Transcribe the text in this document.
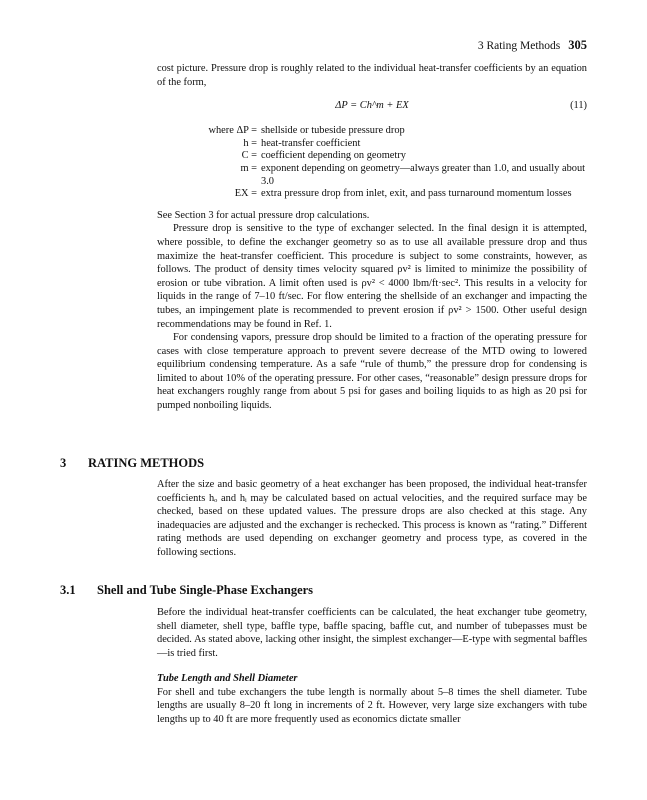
3 Rating Methods 305

cost picture. Pressure drop is roughly related to the individual heat-transfer coefficients by an equation of the form,

ΔP = Ch^m + EX	(11)
where ΔP = shellside or tubeside pressure drop
h = heat-transfer coefficient
C = coefficient depending on geometry
m = exponent depending on geometry—always greater than 1.0, and usually about 3.0
EX = extra pressure drop from inlet, exit, and pass turnaround momentum losses

See Section 3 for actual pressure drop calculations.

Pressure drop is sensitive to the type of exchanger selected. In the final design it is attempted, where possible, to define the exchanger geometry so as to use all available pressure drop and thus maximize the heat-transfer coefficient. This procedure is subject to some constraints, however, as follows. The product of density times velocity squared ρv² is limited to minimize the possibility of erosion or tube vibration. A limit often used is ρv² < 4000 lbm/ft·sec². This results in a velocity for liquids in the range of 7–10 ft/sec. For flow entering the shellside of an exchanger and impacting the tubes, an impingement plate is recommended to prevent erosion if ρv² > 1500. Other useful design recommendations may be found in Ref. 1.

For condensing vapors, pressure drop should be limited to a fraction of the operating pressure for cases with close temperature approach to prevent severe decrease of the MTD owing to lowered equilibrium condensing temperature. As a safe “rule of thumb,” the pressure drop for condensing is limited to about 10% of the operating pressure. For other cases, “reasonable” design pressure drops for heat exchangers roughly range from about 5 psi for gases and boiling liquids to as high as 20 psi for pumped nonboiling liquids.

3 RATING METHODS

After the size and basic geometry of a heat exchanger has been proposed, the individual heat-transfer coefficients hₒ and hᵢ may be calculated based on actual velocities, and the required surface may be checked, based on these updated values. The pressure drops are also checked at this stage. Any inadequacies are adjusted and the exchanger is rechecked. This process is known as “rating.” Different rating methods are used depending on exchanger geometry and process type, as covered in the following sections.

3.1 Shell and Tube Single-Phase Exchangers

Before the individual heat-transfer coefficients can be calculated, the heat exchanger tube geometry, shell diameter, shell type, baffle type, baffle spacing, baffle cut, and number of tubepasses must be decided. As stated above, lacking other insight, the simplest exchanger—E-type with segmental baffles—is tried first.

Tube Length and Shell Diameter

For shell and tube exchangers the tube length is normally about 5–8 times the shell diameter. Tube lengths are usually 8–20 ft long in increments of 2 ft. However, very large size exchangers with tube lengths up to 40 ft are more frequently used as economics dictate smaller
